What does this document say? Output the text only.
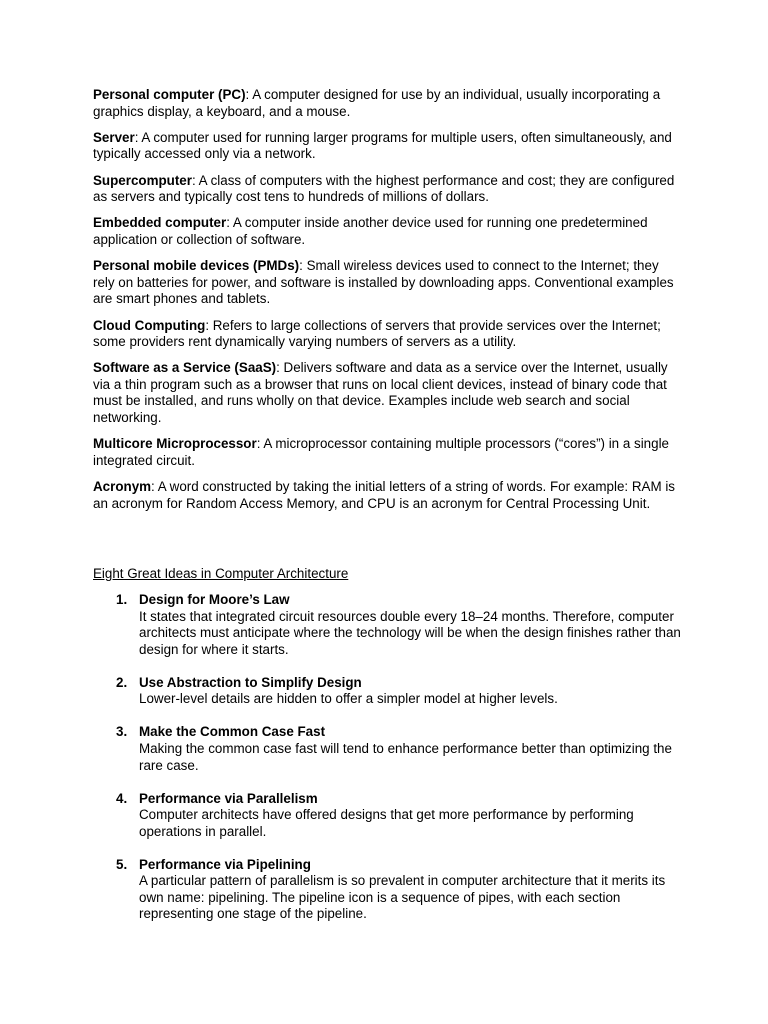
Personal computer (PC): A computer designed for use by an individual, usually incorporating a graphics display, a keyboard, and a mouse.

Server: A computer used for running larger programs for multiple users, often simultaneously, and typically accessed only via a network.

Supercomputer: A class of computers with the highest performance and cost; they are configured as servers and typically cost tens to hundreds of millions of dollars.

Embedded computer: A computer inside another device used for running one predetermined application or collection of software.

Personal mobile devices (PMDs): Small wireless devices used to connect to the Internet; they rely on batteries for power, and software is installed by downloading apps. Conventional examples are smart phones and tablets.

Cloud Computing: Refers to large collections of servers that provide services over the Internet; some providers rent dynamically varying numbers of servers as a utility.

Software as a Service (SaaS): Delivers software and data as a service over the Internet, usually via a thin program such as a browser that runs on local client devices, instead of binary code that must be installed, and runs wholly on that device. Examples include web search and social networking.

Multicore Microprocessor: A microprocessor containing multiple processors (“cores”) in a single integrated circuit.

Acronym: A word constructed by taking the initial letters of a string of words. For example: RAM is an acronym for Random Access Memory, and CPU is an acronym for Central Processing Unit.

Eight Great Ideas in Computer Architecture
1. Design for Moore’s Law
It states that integrated circuit resources double every 18–24 months. Therefore, computer architects must anticipate where the technology will be when the design finishes rather than design for where it starts.
2. Use Abstraction to Simplify Design
Lower-level details are hidden to offer a simpler model at higher levels.
3. Make the Common Case Fast
Making the common case fast will tend to enhance performance better than optimizing the rare case.
4. Performance via Parallelism
Computer architects have offered designs that get more performance by performing operations in parallel.
5. Performance via Pipelining
A particular pattern of parallelism is so prevalent in computer architecture that it merits its own name: pipelining. The pipeline icon is a sequence of pipes, with each section representing one stage of the pipeline.
